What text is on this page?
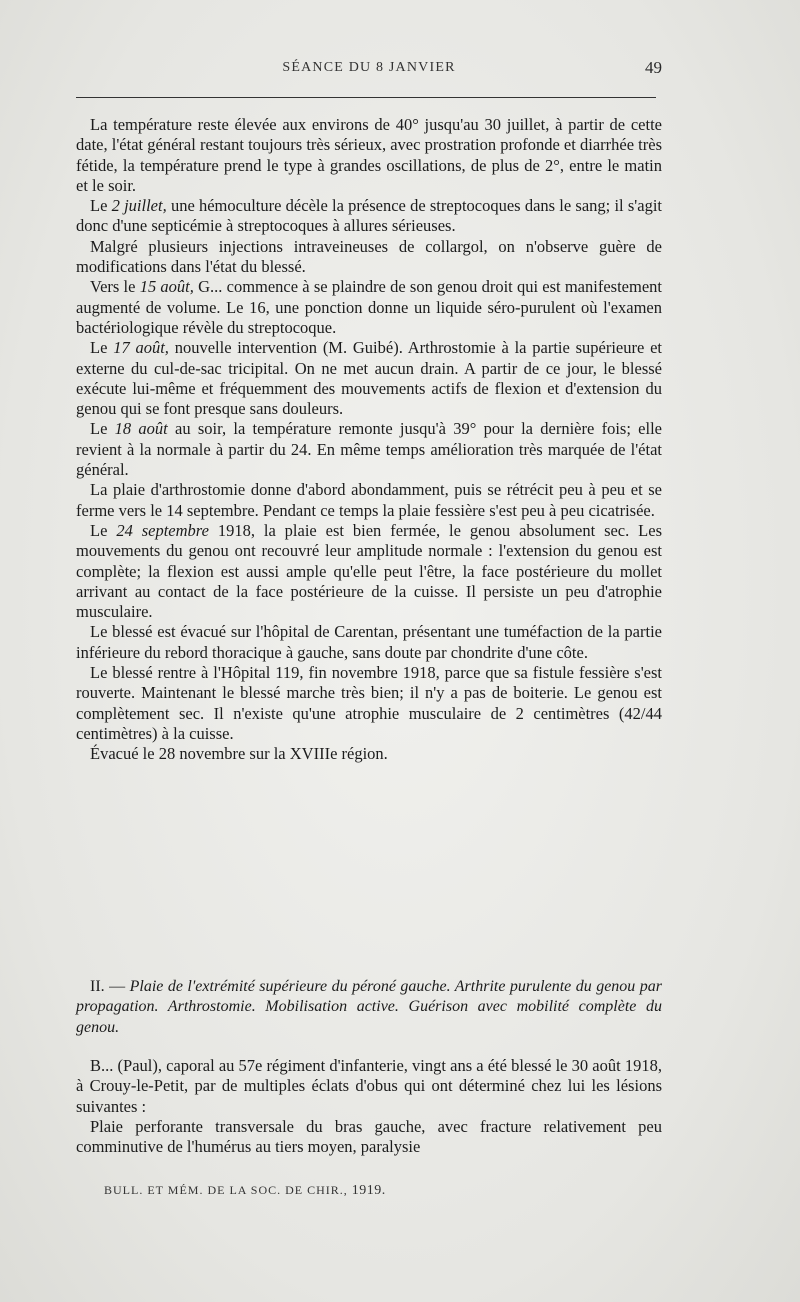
SÉANCE DU 8 JANVIER	49

La température reste élevée aux environs de 40° jusqu'au 30 juillet, à partir de cette date, l'état général restant toujours très sérieux, avec prostration profonde et diarrhée très fétide, la température prend le type à grandes oscillations, de plus de 2°, entre le matin et le soir.

Le 2 juillet, une hémoculture décèle la présence de streptocoques dans le sang; il s'agit donc d'une septicémie à streptocoques à allures sérieuses.

Malgré plusieurs injections intraveineuses de collargol, on n'observe guère de modifications dans l'état du blessé.

Vers le 15 août, G... commence à se plaindre de son genou droit qui est manifestement augmenté de volume. Le 16, une ponction donne un liquide séro-purulent où l'examen bactériologique révèle du streptocoque.

Le 17 août, nouvelle intervention (M. Guibé). Arthrostomie à la partie supérieure et externe du cul-de-sac tricipital. On ne met aucun drain. A partir de ce jour, le blessé exécute lui-même et fréquemment des mouvements actifs de flexion et d'extension du genou qui se font presque sans douleurs.

Le 18 août au soir, la température remonte jusqu'à 39° pour la dernière fois; elle revient à la normale à partir du 24. En même temps amélioration très marquée de l'état général.

La plaie d'arthrostomie donne d'abord abondamment, puis se rétrécit peu à peu et se ferme vers le 14 septembre. Pendant ce temps la plaie fessière s'est peu à peu cicatrisée.

Le 24 septembre 1918, la plaie est bien fermée, le genou absolument sec. Les mouvements du genou ont recouvré leur amplitude normale : l'extension du genou est complète; la flexion est aussi ample qu'elle peut l'être, la face postérieure du mollet arrivant au contact de la face postérieure de la cuisse. Il persiste un peu d'atrophie musculaire.

Le blessé est évacué sur l'hôpital de Carentan, présentant une tuméfaction de la partie inférieure du rebord thoracique à gauche, sans doute par chondrite d'une côte.

Le blessé rentre à l'Hôpital 119, fin novembre 1918, parce que sa fistule fessière s'est rouverte. Maintenant le blessé marche très bien; il n'y a pas de boiterie. Le genou est complètement sec. Il n'existe qu'une atrophie musculaire de 2 centimètres (42/44 centimètres) à la cuisse.

Évacué le 28 novembre sur la XVIIIe région.

II. — Plaie de l'extrémité supérieure du péroné gauche. Arthrite purulente du genou par propagation. Arthrostomie. Mobilisation active. Guérison avec mobilité complète du genou.

B... (Paul), caporal au 57e régiment d'infanterie, vingt ans a été blessé le 30 août 1918, à Crouy-le-Petit, par de multiples éclats d'obus qui ont déterminé chez lui les lésions suivantes :

Plaie perforante transversale du bras gauche, avec fracture relativement peu comminutive de l'humérus au tiers moyen, paralysie

BULL. ET MÉM. DE LA SOC. DE CHIR., 1919.
